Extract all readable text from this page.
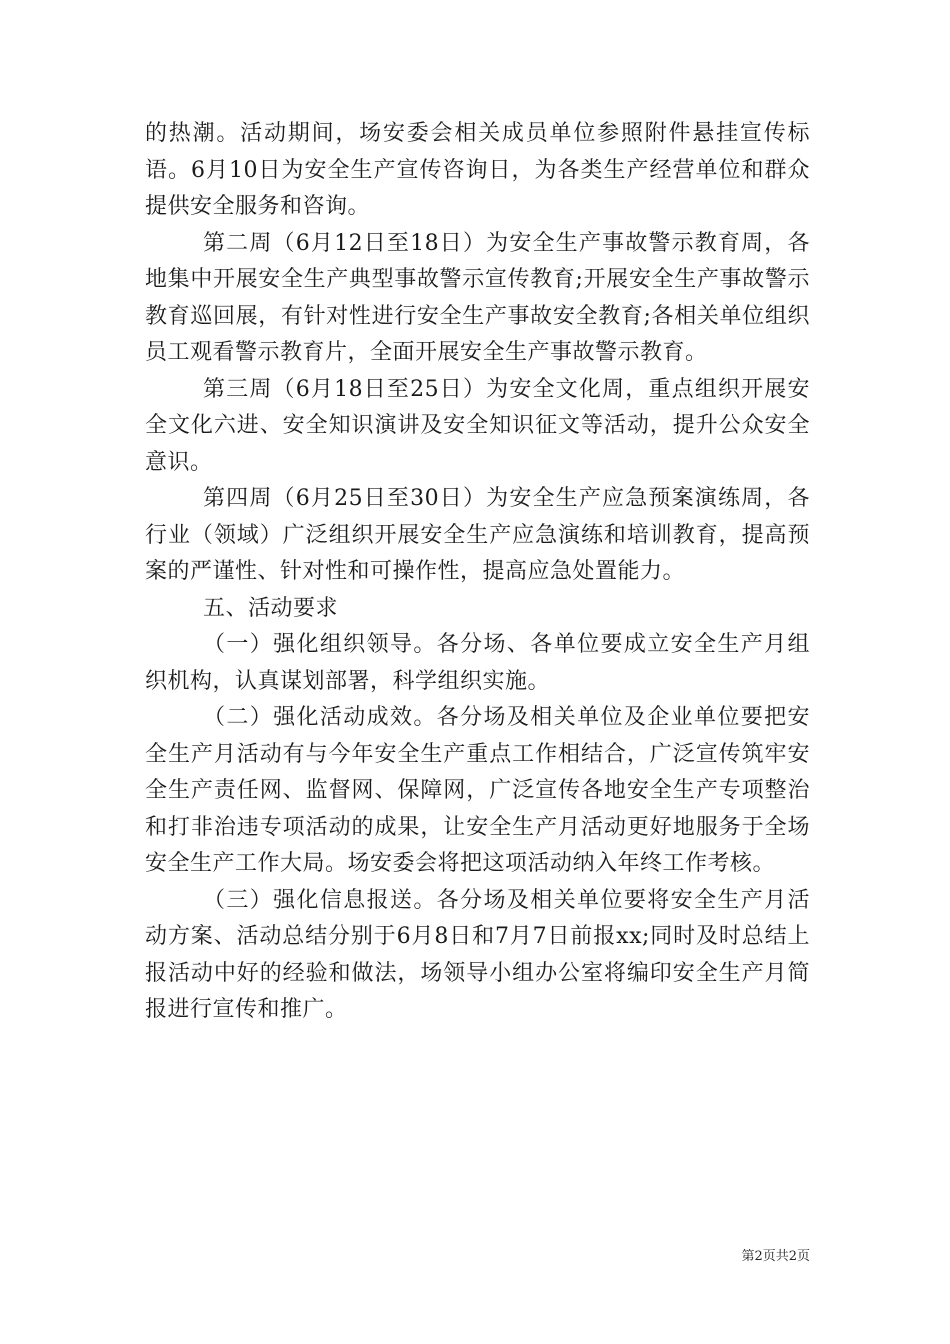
的热潮。活动期间，场安委会相关成员单位参照附件悬挂宣传标语。6月10日为安全生产宣传咨询日，为各类生产经营单位和群众提供安全服务和咨询。

第二周（6月12日至18日）为安全生产事故警示教育周，各地集中开展安全生产典型事故警示宣传教育;开展安全生产事故警示教育巡回展，有针对性进行安全生产事故安全教育;各相关单位组织员工观看警示教育片，全面开展安全生产事故警示教育。

第三周（6月18日至25日）为安全文化周，重点组织开展安全文化六进、安全知识演讲及安全知识征文等活动，提升公众安全意识。

第四周（6月25日至30日）为安全生产应急预案演练周，各行业（领域）广泛组织开展安全生产应急演练和培训教育，提高预案的严谨性、针对性和可操作性，提高应急处置能力。

五、活动要求

（一）强化组织领导。各分场、各单位要成立安全生产月组织机构，认真谋划部署，科学组织实施。

（二）强化活动成效。各分场及相关单位及企业单位要把安全生产月活动有与今年安全生产重点工作相结合，广泛宣传筑牢安全生产责任网、监督网、保障网，广泛宣传各地安全生产专项整治和打非治违专项活动的成果，让安全生产月活动更好地服务于全场安全生产工作大局。场安委会将把这项活动纳入年终工作考核。

（三）强化信息报送。各分场及相关单位要将安全生产月活动方案、活动总结分别于6月8日和7月7日前报xx;同时及时总结上报活动中好的经验和做法，场领导小组办公室将编印安全生产月简报进行宣传和推广。

第2页共2页
